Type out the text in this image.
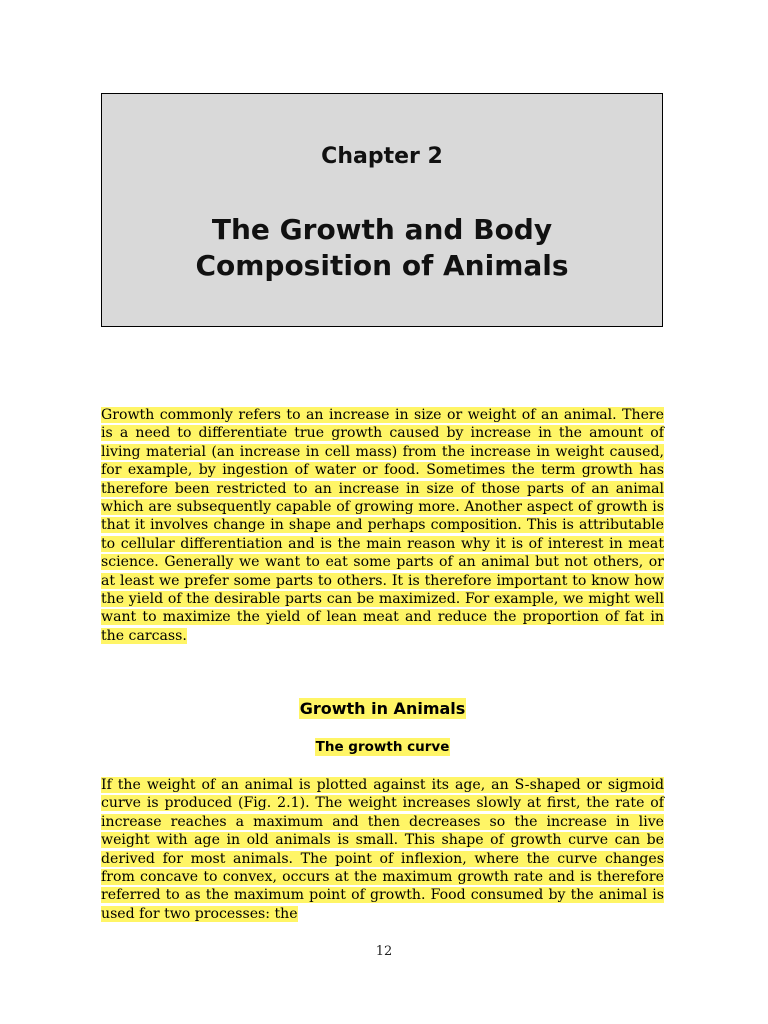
Chapter 2
The Growth and Body
Composition of Animals

Growth commonly refers to an increase in size or weight of an animal. There is a need to differentiate true growth caused by increase in the amount of living material (an increase in cell mass) from the increase in weight caused, for example, by ingestion of water or food. Sometimes the term growth has therefore been restricted to an increase in size of those parts of an animal which are subsequently capable of growing more. Another aspect of growth is that it involves change in shape and perhaps composition. This is attributable to cellular differentiation and is the main reason why it is of interest in meat science. Generally we want to eat some parts of an animal but not others, or at least we prefer some parts to others. It is therefore important to know how the yield of the desirable parts can be maximized. For example, we might well want to maximize the yield of lean meat and reduce the proportion of fat in the carcass.

Growth in Animals
The growth curve

If the weight of an animal is plotted against its age, an S-shaped or sigmoid curve is produced (Fig. 2.1). The weight increases slowly at first, the rate of increase reaches a maximum and then decreases so the increase in live weight with age in old animals is small. This shape of growth curve can be derived for most animals. The point of inflexion, where the curve changes from concave to convex, occurs at the maximum growth rate and is therefore referred to as the maximum point of growth. Food consumed by the animal is used for two processes: the

12
